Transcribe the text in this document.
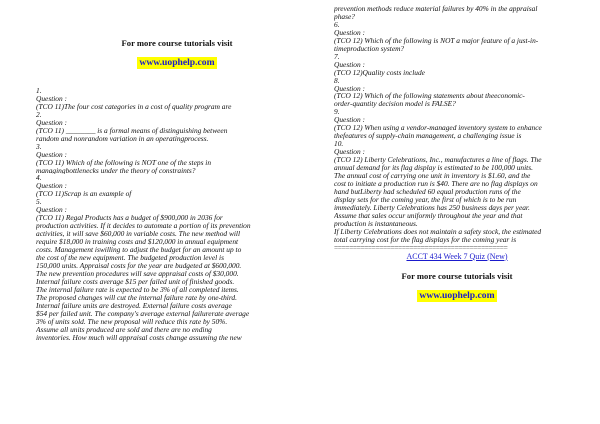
For more course tutorials visit
www.uophelp.com
1.
Question :
(TCO 11)The four cost categories in a cost of quality program are
2.
Question :
(TCO 11) ________ is a formal means of distinguishing between
random and nonrandom variation in an operatingprocess.
3.
Question :
(TCO 11) Which of the following is NOT one of the steps in
managingbottlenecks under the theory of constraints?
4.
Question :
(TCO 11)Scrap is an example of
5.
Question :
(TCO 11) Regal Products has a budget of $900,000 in 2036 for
production activities. If it decides to automate a portion of its prevention
activities, it will save $60,000 in variable costs. The new method will
require $18,000 in training costs and $120,000 in annual equipment
costs. Management iswilling to adjust the budget for an amount up to
the cost of the new equipment. The budgeted production level is
150,000 units. Appraisal costs for the year are budgeted at $600,000.
The new prevention procedures will save appraisal costs of $30,000.
Internal failure costs average $15 per failed unit of finished goods.
The internal failure rate is expected to be 3% of all completed items.
The proposed changes will cut the internal failure rate by one-third.
Internal failure units are destroyed. External failure costs average
$54 per failed unit. The company's average external failurerate average
3% of units sold. The new proposal will reduce this rate by 50%.
Assume all units produced are sold and there are no ending
inventories. How much will appraisal costs change assuming the new
prevention methods reduce material failures by 40% in the appraisal
phase?
6.
Question :
(TCO 12) Which of the following is NOT a major feature of a just-in-
timeproduction system?
7.
Question :
(TCO 12)Quality costs include
8.
Question :
(TCO 12) Which of the following statements about theeconomic-
order-quantity decision model is FALSE?
9.
Question :
(TCO 12) When using a vendor-managed inventory system to enhance
thefeatures of supply-chain management, a challenging issue is
10.
Question :
(TCO 12) Liberty Celebrations, Inc., manufactures a line of flags. The
annual demand for its flag display is estimated to be 100,000 units.
The annual cost of carrying one unit in inventory is $1.60, and the
cost to initiate a production run is $40. There are no flag displays on
hand butLiberty had scheduled 60 equal production runs of the
display sets for the coming year, the first of which is to be run
immediately. Liberty Celebrations has 250 business days per year.
Assume that sales occur uniformly throughout the year and that
production is instantaneous.
If Liberty Celebrations does not maintain a safety stock, the estimated
total carrying cost for the flag displays for the coming year is
==============================================
ACCT 434 Week 7 Quiz (New)
For more course tutorials visit
www.uophelp.com
